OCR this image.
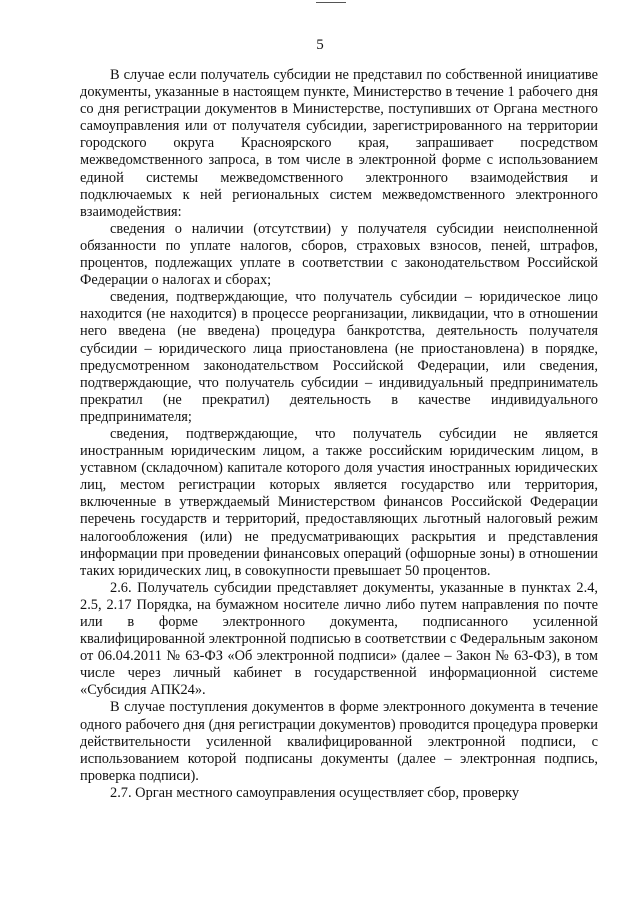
5

В случае если получатель субсидии не представил по собственной инициативе документы, указанные в настоящем пункте, Министерство в течение 1 рабочего дня со дня регистрации документов в Министерстве, поступивших от Органа местного самоуправления или от получателя субсидии, зарегистрированного на территории городского округа Красноярского края, запрашивает посредством межведомственного запроса, в том числе в электронной форме с использованием единой системы межведомственного электронного взаимодействия и подключаемых к ней региональных систем межведомственного электронного взаимодействия:

сведения о наличии (отсутствии) у получателя субсидии неисполненной обязанности по уплате налогов, сборов, страховых взносов, пеней, штрафов, процентов, подлежащих уплате в соответствии с законодательством Российской Федерации о налогах и сборах;

сведения, подтверждающие, что получатель субсидии – юридическое лицо находится (не находится) в процессе реорганизации, ликвидации, что в отношении него введена (не введена) процедура банкротства, деятельность получателя субсидии – юридического лица приостановлена (не приостановлена) в порядке, предусмотренном законодательством Российской Федерации, или сведения, подтверждающие, что получатель субсидии – индивидуальный предприниматель прекратил (не прекратил) деятельность в качестве индивидуального предпринимателя;

сведения, подтверждающие, что получатель субсидии не является иностранным юридическим лицом, а также российским юридическим лицом, в уставном (складочном) капитале которого доля участия иностранных юридических лиц, местом регистрации которых является государство или территория, включенные в утверждаемый Министерством финансов Российской Федерации перечень государств и территорий, предоставляющих льготный налоговый режим налогообложения (или) не предусматривающих раскрытия и представления информации при проведении финансовых операций (офшорные зоны) в отношении таких юридических лиц, в совокупности превышает 50 процентов.

2.6. Получатель субсидии представляет документы, указанные в пунктах 2.4, 2.5, 2.17 Порядка, на бумажном носителе лично либо путем направления по почте или в форме электронного документа, подписанного усиленной квалифицированной электронной подписью в соответствии с Федеральным законом от 06.04.2011 № 63-ФЗ «Об электронной подписи» (далее – Закон № 63-ФЗ), в том числе через личный кабинет в государственной информационной системе «Субсидия АПК24».

В случае поступления документов в форме электронного документа в течение одного рабочего дня (дня регистрации документов) проводится процедура проверки действительности усиленной квалифицированной электронной подписи, с использованием которой подписаны документы (далее – электронная подпись, проверка подписи).

2.7. Орган местного самоуправления осуществляет сбор, проверку
